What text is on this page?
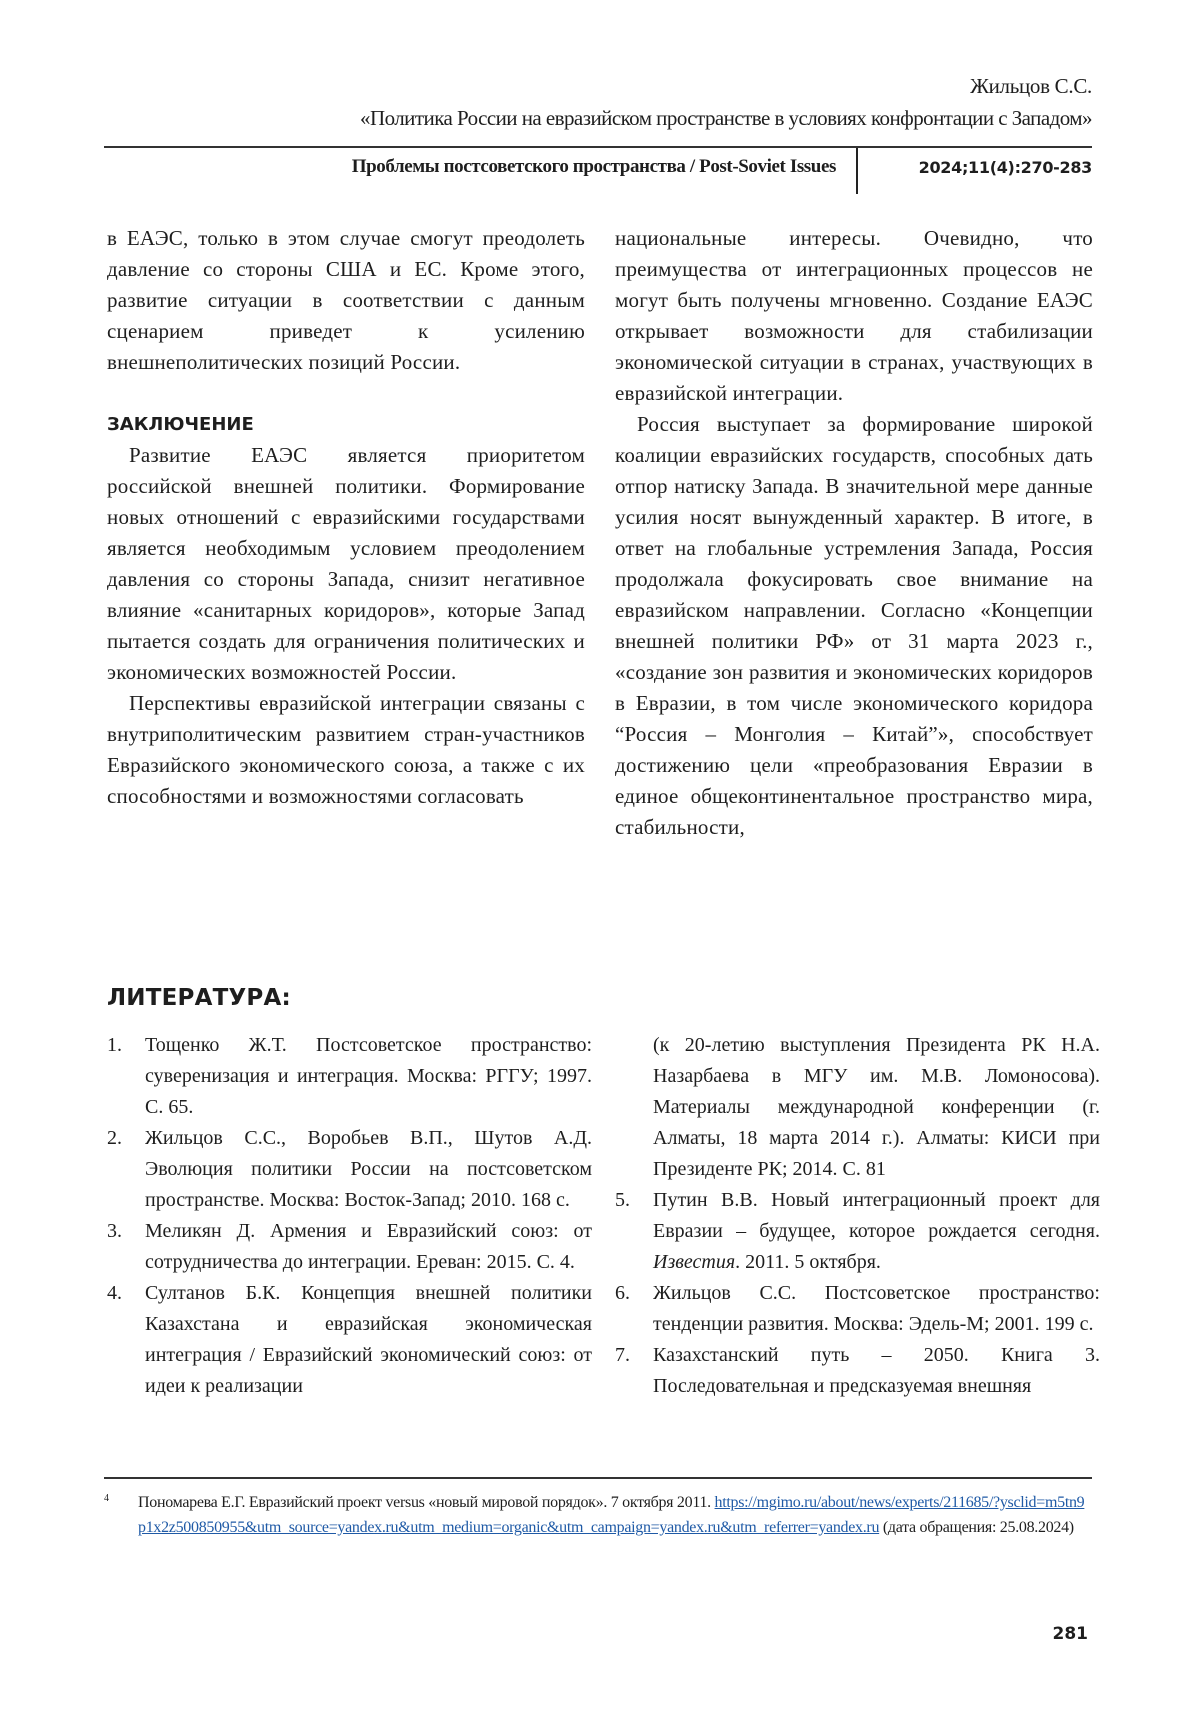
Жильцов С.С.
«Политика России на евразийском пространстве в условиях конфронтации с Западом»
Проблемы постсоветского пространства / Post-Soviet Issues	2024;11(4):270-283

в ЕАЭС, только в этом случае смогут преодолеть давление со стороны США и ЕС. Кроме этого, развитие ситуации в соответствии с данным сценарием приведет к усилению внешнеполитических позиций России.

ЗАКЛЮЧЕНИЕ

Развитие ЕАЭС является приоритетом российской внешней политики. Формирование новых отношений с евразийскими государствами является необходимым условием преодолением давления со стороны Запада, снизит негативное влияние «санитарных коридоров», которые Запад пытается создать для ограничения политических и экономических возможностей России.

Перспективы евразийской интеграции связаны с внутриполитическим развитием стран-участников Евразийского экономического союза, а также с их способностями и возможностями согласовать

национальные интересы. Очевидно, что преимущества от интеграционных процессов не могут быть получены мгновенно. Создание ЕАЭС открывает возможности для стабилизации экономической ситуации в странах, участвующих в евразийской интеграции.

Россия выступает за формирование широкой коалиции евразийских государств, способных дать отпор натиску Запада. В значительной мере данные усилия носят вынужденный характер. В итоге, в ответ на глобальные устремления Запада, Россия продолжала фокусировать свое внимание на евразийском направлении. Согласно «Концепции внешней политики РФ» от 31 марта 2023 г., «создание зон развития и экономических коридоров в Евразии, в том числе экономического коридора “Россия – Монголия – Китай”», способствует достижению цели «преобразования Евразии в единое общеконтинентальное пространство мира, стабильности,

ЛИТЕРАТУРА:
1. Тощенко Ж.Т. Постсоветское пространство: суверенизация и интеграция. Москва: РГГУ; 1997. С. 65.
2. Жильцов С.С., Воробьев В.П., Шутов А.Д. Эволюция политики России на постсоветском пространстве. Москва: Восток-Запад; 2010. 168 с.
3. Меликян Д. Армения и Евразийский союз: от сотрудничества до интеграции. Ереван: 2015. С. 4.
4. Султанов Б.К. Концепция внешней политики Казахстана и евразийская экономическая интеграция / Евразийский экономический союз: от идеи к реализации
(к 20-летию выступления Президента РК Н.А. Назарбаева в МГУ им. М.В. Ломоносова). Материалы международной конференции (г. Алматы, 18 марта 2014 г.). Алматы: КИСИ при Президенте РК; 2014. С. 81
5. Путин В.В. Новый интеграционный проект для Евразии – будущее, которое рождается сегодня. Известия. 2011. 5 октября.
6. Жильцов С.С. Постсоветское пространство: тенденции развития. Москва: Эдель-М; 2001. 199 с.
7. Казахстанский путь – 2050. Книга 3. Последовательная и предсказуемая внешняя
4	Пономарева Е.Г. Евразийский проект versus «новый мировой порядок». 7 октября 2011. https://mgimo.ru/about/news/experts/211685/?ysclid=m5tn9p1x2z500850955&utm_source=yandex.ru&utm_medium=organic&utm_campaign=yandex.ru&utm_referrer=yandex.ru (дата обращения: 25.08.2024)
281
